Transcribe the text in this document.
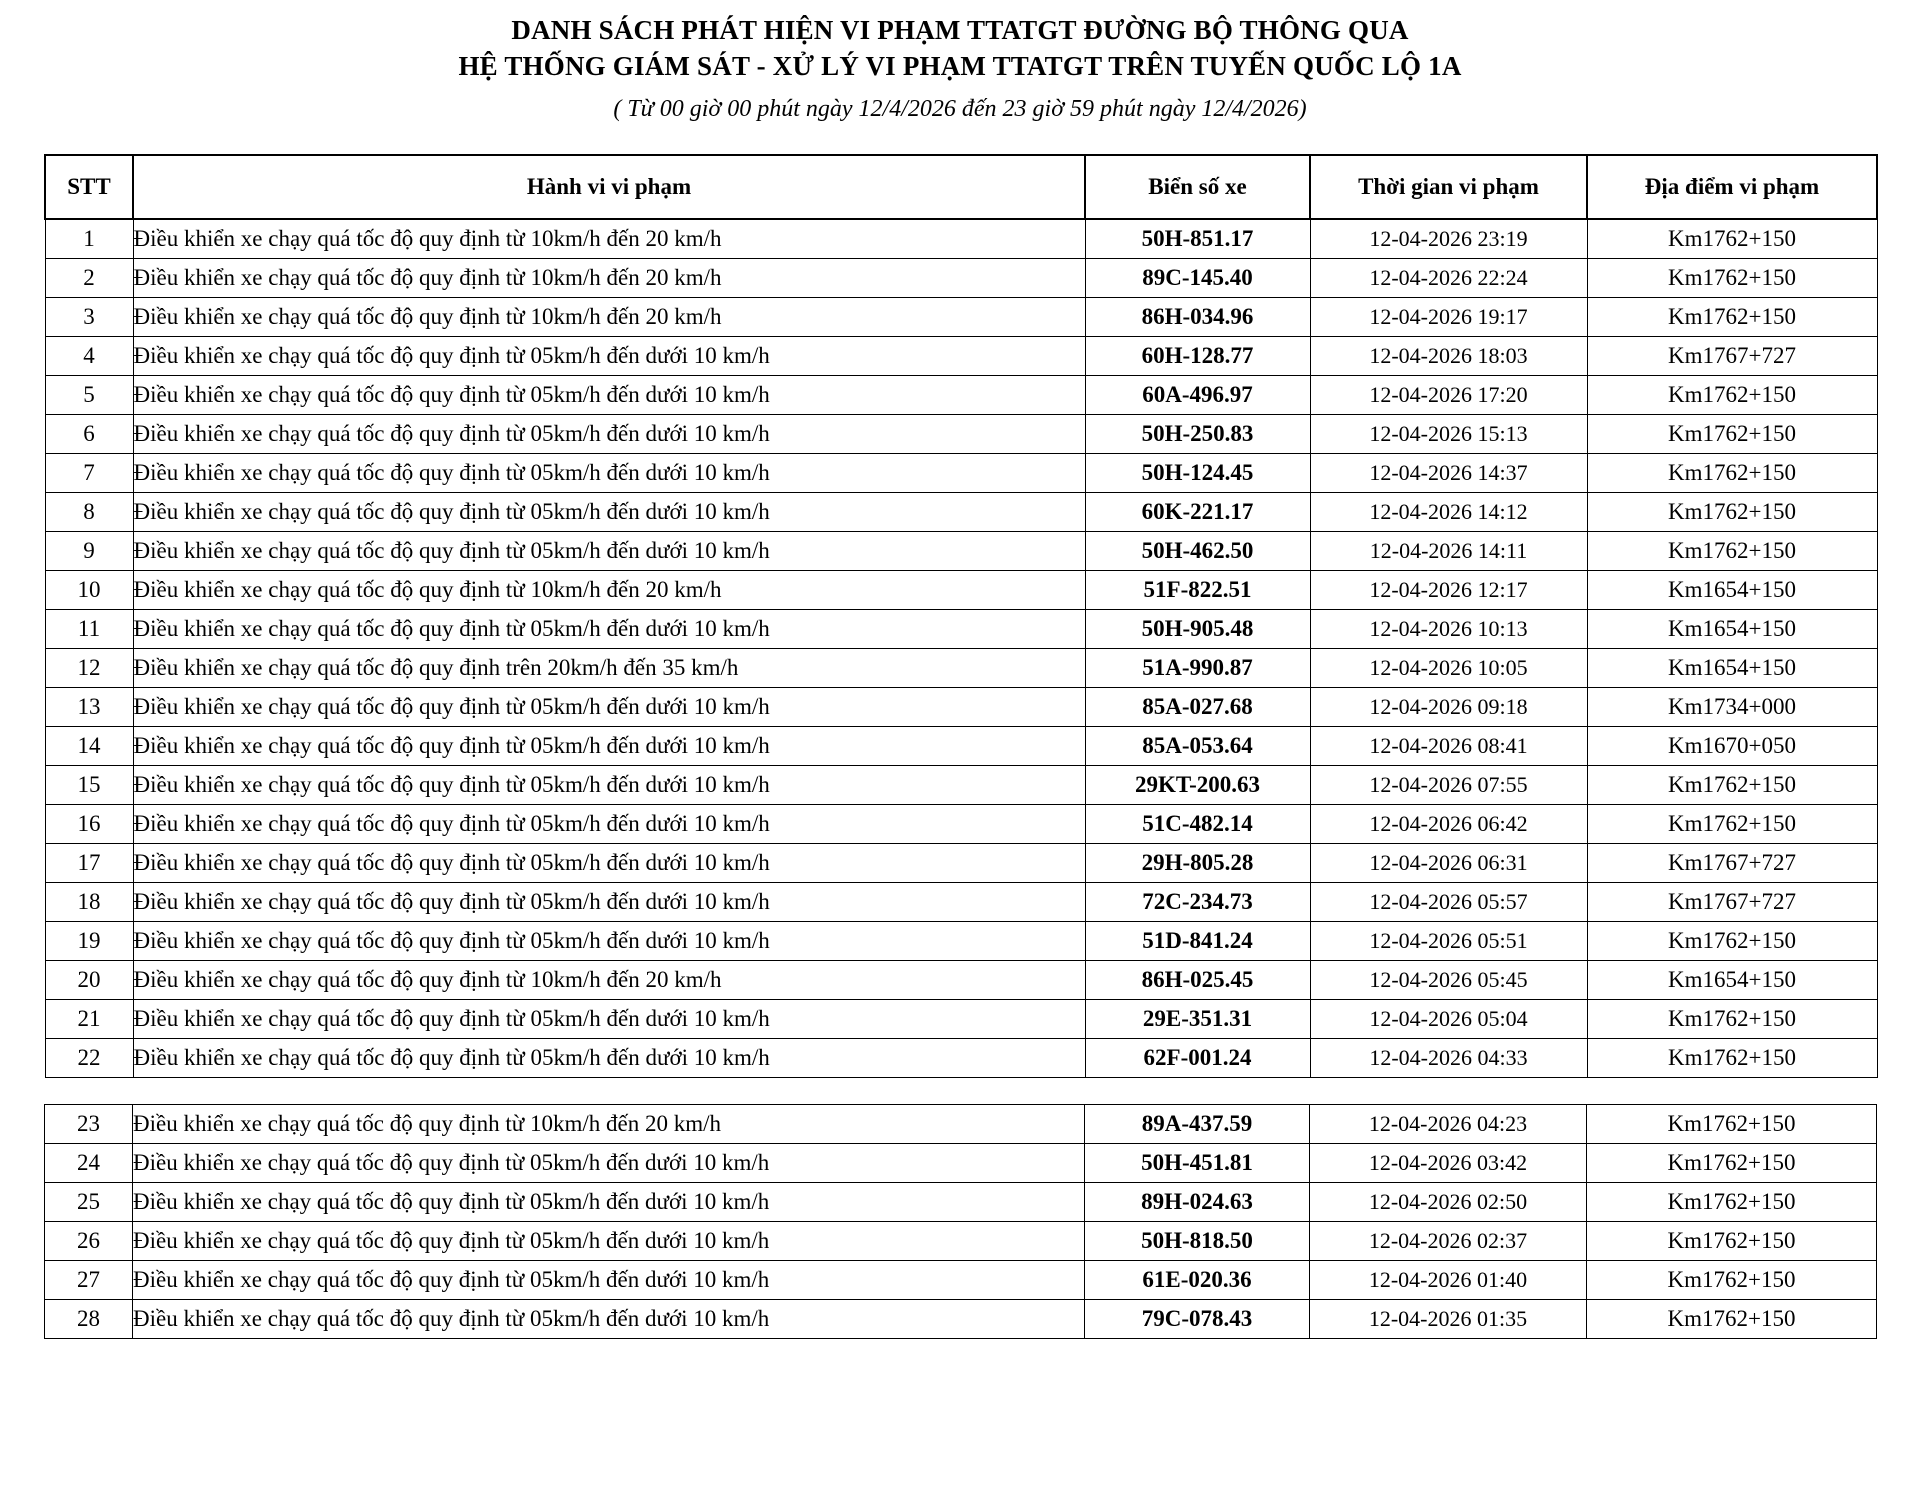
DANH SÁCH PHÁT HIỆN VI PHẠM TTATGT ĐƯỜNG BỘ THÔNG QUA
HỆ THỐNG GIÁM SÁT - XỬ LÝ VI PHẠM TTATGT TRÊN TUYẾN QUỐC LỘ 1A
( Từ 00 giờ 00 phút ngày 12/4/2026 đến 23 giờ 59 phút ngày 12/4/2026)
STT	Hành vi vi phạm	Biển số xe	Thời gian vi phạm	Địa điểm vi phạm
1	Điều khiển xe chạy quá tốc độ quy định từ 10km/h đến 20 km/h	50H-851.17	12-04-2026 23:19	Km1762+150
2	Điều khiển xe chạy quá tốc độ quy định từ 10km/h đến 20 km/h	89C-145.40	12-04-2026 22:24	Km1762+150
3	Điều khiển xe chạy quá tốc độ quy định từ 10km/h đến 20 km/h	86H-034.96	12-04-2026 19:17	Km1762+150
4	Điều khiển xe chạy quá tốc độ quy định từ 05km/h đến dưới 10 km/h	60H-128.77	12-04-2026 18:03	Km1767+727
5	Điều khiển xe chạy quá tốc độ quy định từ 05km/h đến dưới 10 km/h	60A-496.97	12-04-2026 17:20	Km1762+150
6	Điều khiển xe chạy quá tốc độ quy định từ 05km/h đến dưới 10 km/h	50H-250.83	12-04-2026 15:13	Km1762+150
7	Điều khiển xe chạy quá tốc độ quy định từ 05km/h đến dưới 10 km/h	50H-124.45	12-04-2026 14:37	Km1762+150
8	Điều khiển xe chạy quá tốc độ quy định từ 05km/h đến dưới 10 km/h	60K-221.17	12-04-2026 14:12	Km1762+150
9	Điều khiển xe chạy quá tốc độ quy định từ 05km/h đến dưới 10 km/h	50H-462.50	12-04-2026 14:11	Km1762+150
10	Điều khiển xe chạy quá tốc độ quy định từ 10km/h đến 20 km/h	51F-822.51	12-04-2026 12:17	Km1654+150
11	Điều khiển xe chạy quá tốc độ quy định từ 05km/h đến dưới 10 km/h	50H-905.48	12-04-2026 10:13	Km1654+150
12	Điều khiển xe chạy quá tốc độ quy định trên 20km/h đến 35 km/h	51A-990.87	12-04-2026 10:05	Km1654+150
13	Điều khiển xe chạy quá tốc độ quy định từ 05km/h đến dưới 10 km/h	85A-027.68	12-04-2026 09:18	Km1734+000
14	Điều khiển xe chạy quá tốc độ quy định từ 05km/h đến dưới 10 km/h	85A-053.64	12-04-2026 08:41	Km1670+050
15	Điều khiển xe chạy quá tốc độ quy định từ 05km/h đến dưới 10 km/h	29KT-200.63	12-04-2026 07:55	Km1762+150
16	Điều khiển xe chạy quá tốc độ quy định từ 05km/h đến dưới 10 km/h	51C-482.14	12-04-2026 06:42	Km1762+150
17	Điều khiển xe chạy quá tốc độ quy định từ 05km/h đến dưới 10 km/h	29H-805.28	12-04-2026 06:31	Km1767+727
18	Điều khiển xe chạy quá tốc độ quy định từ 05km/h đến dưới 10 km/h	72C-234.73	12-04-2026 05:57	Km1767+727
19	Điều khiển xe chạy quá tốc độ quy định từ 05km/h đến dưới 10 km/h	51D-841.24	12-04-2026 05:51	Km1762+150
20	Điều khiển xe chạy quá tốc độ quy định từ 10km/h đến 20 km/h	86H-025.45	12-04-2026 05:45	Km1654+150
21	Điều khiển xe chạy quá tốc độ quy định từ 05km/h đến dưới 10 km/h	29E-351.31	12-04-2026 05:04	Km1762+150
22	Điều khiển xe chạy quá tốc độ quy định từ 05km/h đến dưới 10 km/h	62F-001.24	12-04-2026 04:33	Km1762+150
23	Điều khiển xe chạy quá tốc độ quy định từ 10km/h đến 20 km/h	89A-437.59	12-04-2026 04:23	Km1762+150
24	Điều khiển xe chạy quá tốc độ quy định từ 05km/h đến dưới 10 km/h	50H-451.81	12-04-2026 03:42	Km1762+150
25	Điều khiển xe chạy quá tốc độ quy định từ 05km/h đến dưới 10 km/h	89H-024.63	12-04-2026 02:50	Km1762+150
26	Điều khiển xe chạy quá tốc độ quy định từ 05km/h đến dưới 10 km/h	50H-818.50	12-04-2026 02:37	Km1762+150
27	Điều khiển xe chạy quá tốc độ quy định từ 05km/h đến dưới 10 km/h	61E-020.36	12-04-2026 01:40	Km1762+150
28	Điều khiển xe chạy quá tốc độ quy định từ 05km/h đến dưới 10 km/h	79C-078.43	12-04-2026 01:35	Km1762+150
